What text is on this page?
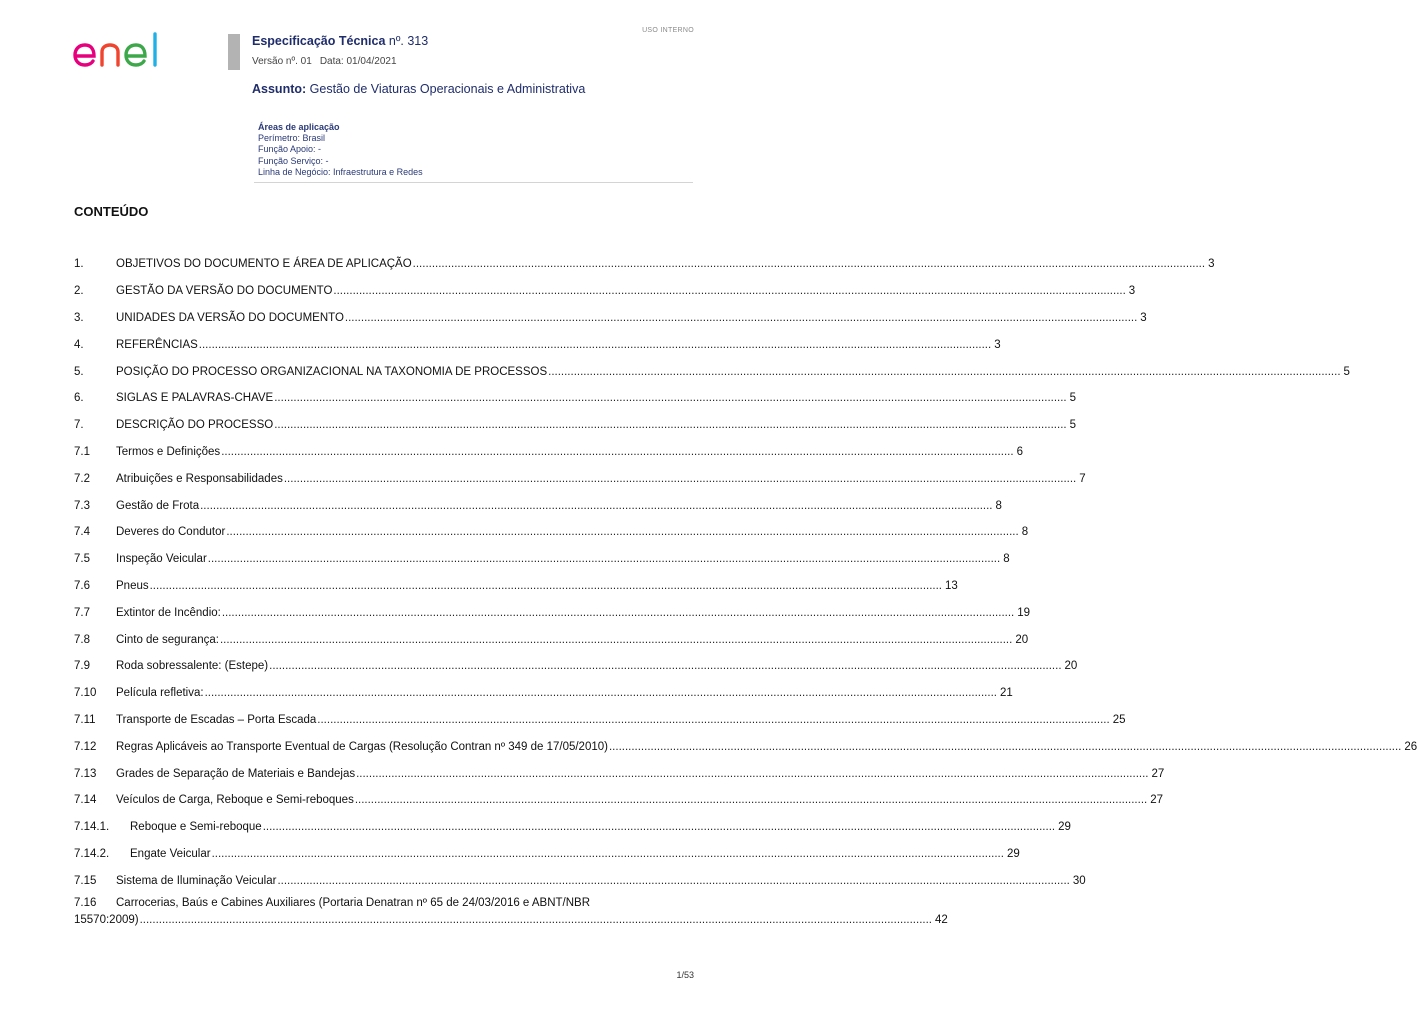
USO INTERNO
enel
Especificação Técnica nº. 313
Versão nº. 01 Data: 01/04/2021
Assunto: Gestão de Viaturas Operacionais e Administrativa
Áreas de aplicação
Perímetro: Brasil
Função Apoio: -
Função Serviço: -
Linha de Negócio: Infraestrutura e Redes
CONTEÚDO
1.	OBJETIVOS DO DOCUMENTO E ÁREA DE APLICAÇÃO .....	3
2.	GESTÃO DA VERSÃO DO DOCUMENTO .....	3
3.	UNIDADES DA VERSÃO DO DOCUMENTO .....	3
4.	REFERÊNCIAS .....	3
5.	POSIÇÃO DO PROCESSO ORGANIZACIONAL NA TAXONOMIA DE PROCESSOS .....	5
6.	SIGLAS E PALAVRAS-CHAVE .....	5
7.	DESCRIÇÃO DO PROCESSO .....	5
7.1	Termos e Definições .....	6
7.2	Atribuições e Responsabilidades .....	7
7.3	Gestão de Frota .....	8
7.4	Deveres do Condutor .....	8
7.5	Inspeção Veicular .....	8
7.6	Pneus .....	13
7.7	Extintor de Incêndio: .....	19
7.8	Cinto de segurança: .....	20
7.9	Roda sobressalente: (Estepe) .....	20
7.10	Película refletiva: .....	21
7.11	Transporte de Escadas – Porta Escada .....	25
7.12	Regras Aplicáveis ao Transporte Eventual de Cargas (Resolução Contran nº 349 de 17/05/2010) .....	26
7.13	Grades de Separação de Materiais e Bandejas .....	27
7.14	Veículos de Carga, Reboque e Semi-reboques .....	27
7.14.1.	Reboque e Semi-reboque .....	29
7.14.2.	Engate Veicular .....	29
7.15	Sistema de Iluminação Veicular .....	30
7.16	Carrocerias, Baús e Cabines Auxiliares (Portaria Denatran nº 65 de 24/03/2016 e ABNT/NBR
15570:2009) .....	42
1/53
